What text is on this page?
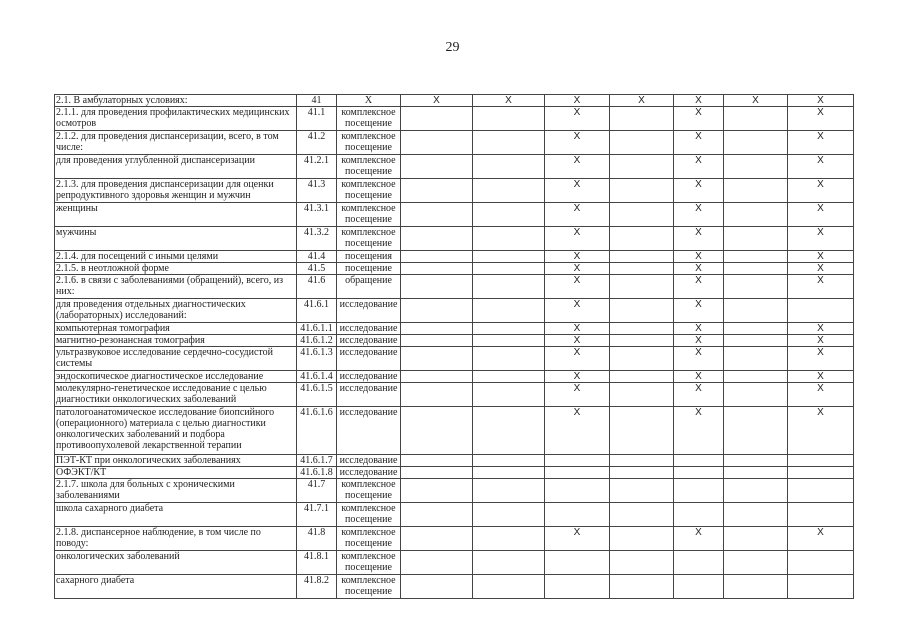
29
2.1. В амбулаторных условиях:	41	X	X	X	X	X	X	X	X
2.1.1. для проведения профилактических медицинских осмотров	41.1	комплексное посещение			X		X		X
2.1.2. для проведения диспансеризации, всего, в том числе:	41.2	комплексное посещение			X		X		X
для проведения углубленной диспансеризации	41.2.1	комплексное посещение			X		X		X
2.1.3. для проведения диспансеризации для оценки репродуктивного здоровья женщин и мужчин	41.3	комплексное посещение			X		X		X
женщины	41.3.1	комплексное посещение			X		X		X
мужчины	41.3.2	комплексное посещение			X		X		X
2.1.4. для посещений с иными целями	41.4	посещения			X		X		X
2.1.5. в неотложной форме	41.5	посещение			X		X		X
2.1.6. в связи с заболеваниями (обращений), всего, из них:	41.6	обращение			X		X		X
для проведения отдельных диагностических (лабораторных) исследований:	41.6.1	исследование			X		X		
компьютерная томография	41.6.1.1	исследование			X		X		X
магнитно-резонансная томография	41.6.1.2	исследование			X		X		X
ультразвуковое исследование сердечно-сосудистой системы	41.6.1.3	исследование			X		X		X
эндоскопическое диагностическое исследование	41.6.1.4	исследование			X		X		X
молекулярно-генетическое исследование с целью диагностики онкологических заболеваний	41.6.1.5	исследование			X		X		X
патологоанатомическое исследование биопсийного (операционного) материала с целью диагностики онкологических заболеваний и подбора противоопухолевой лекарственной терапии	41.6.1.6	исследование			X		X		X
ПЭТ-КТ при онкологических заболеваниях	41.6.1.7	исследование							
ОФЭКТ/КТ	41.6.1.8	исследование							
2.1.7. школа для больных с хроническими заболеваниями	41.7	комплексное посещение							
школа сахарного диабета	41.7.1	комплексное посещение							
2.1.8. диспансерное наблюдение, в том числе по поводу:	41.8	комплексное посещение			X		X		X
онкологических заболеваний	41.8.1	комплексное посещение							
сахарного диабета	41.8.2	комплексное посещение							
